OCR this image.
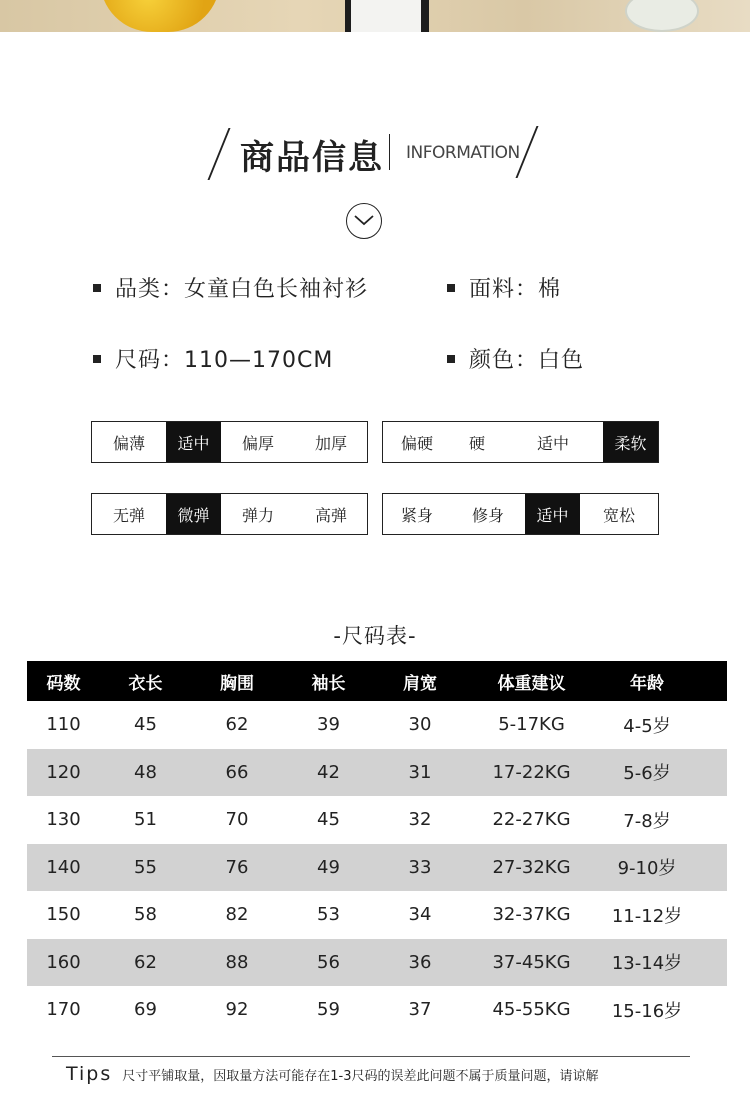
商品信息 INFORMATION
品类：女童白色长袖衬衫	面料：棉
尺码：110—170CM	颜色：白色
偏薄	适中	偏厚	加厚	偏硬	硬	适中	柔软
无弹	微弹	弹力	高弹	紧身	修身	适中	宽松
-尺码表-
码数	衣长	胸围	袖长	肩宽	体重建议	年龄
110	45	62	39	30	5-17KG	4-5岁
120	48	66	42	31	17-22KG	5-6岁
130	51	70	45	32	22-27KG	7-8岁
140	55	76	49	33	27-32KG	9-10岁
150	58	82	53	34	32-37KG	11-12岁
160	62	88	56	36	37-45KG	13-14岁
170	69	92	59	37	45-55KG	15-16岁
Tips 尺寸平铺取量，因取量方法可能存在1-3尺码的误差此问题不属于质量问题，请谅解
